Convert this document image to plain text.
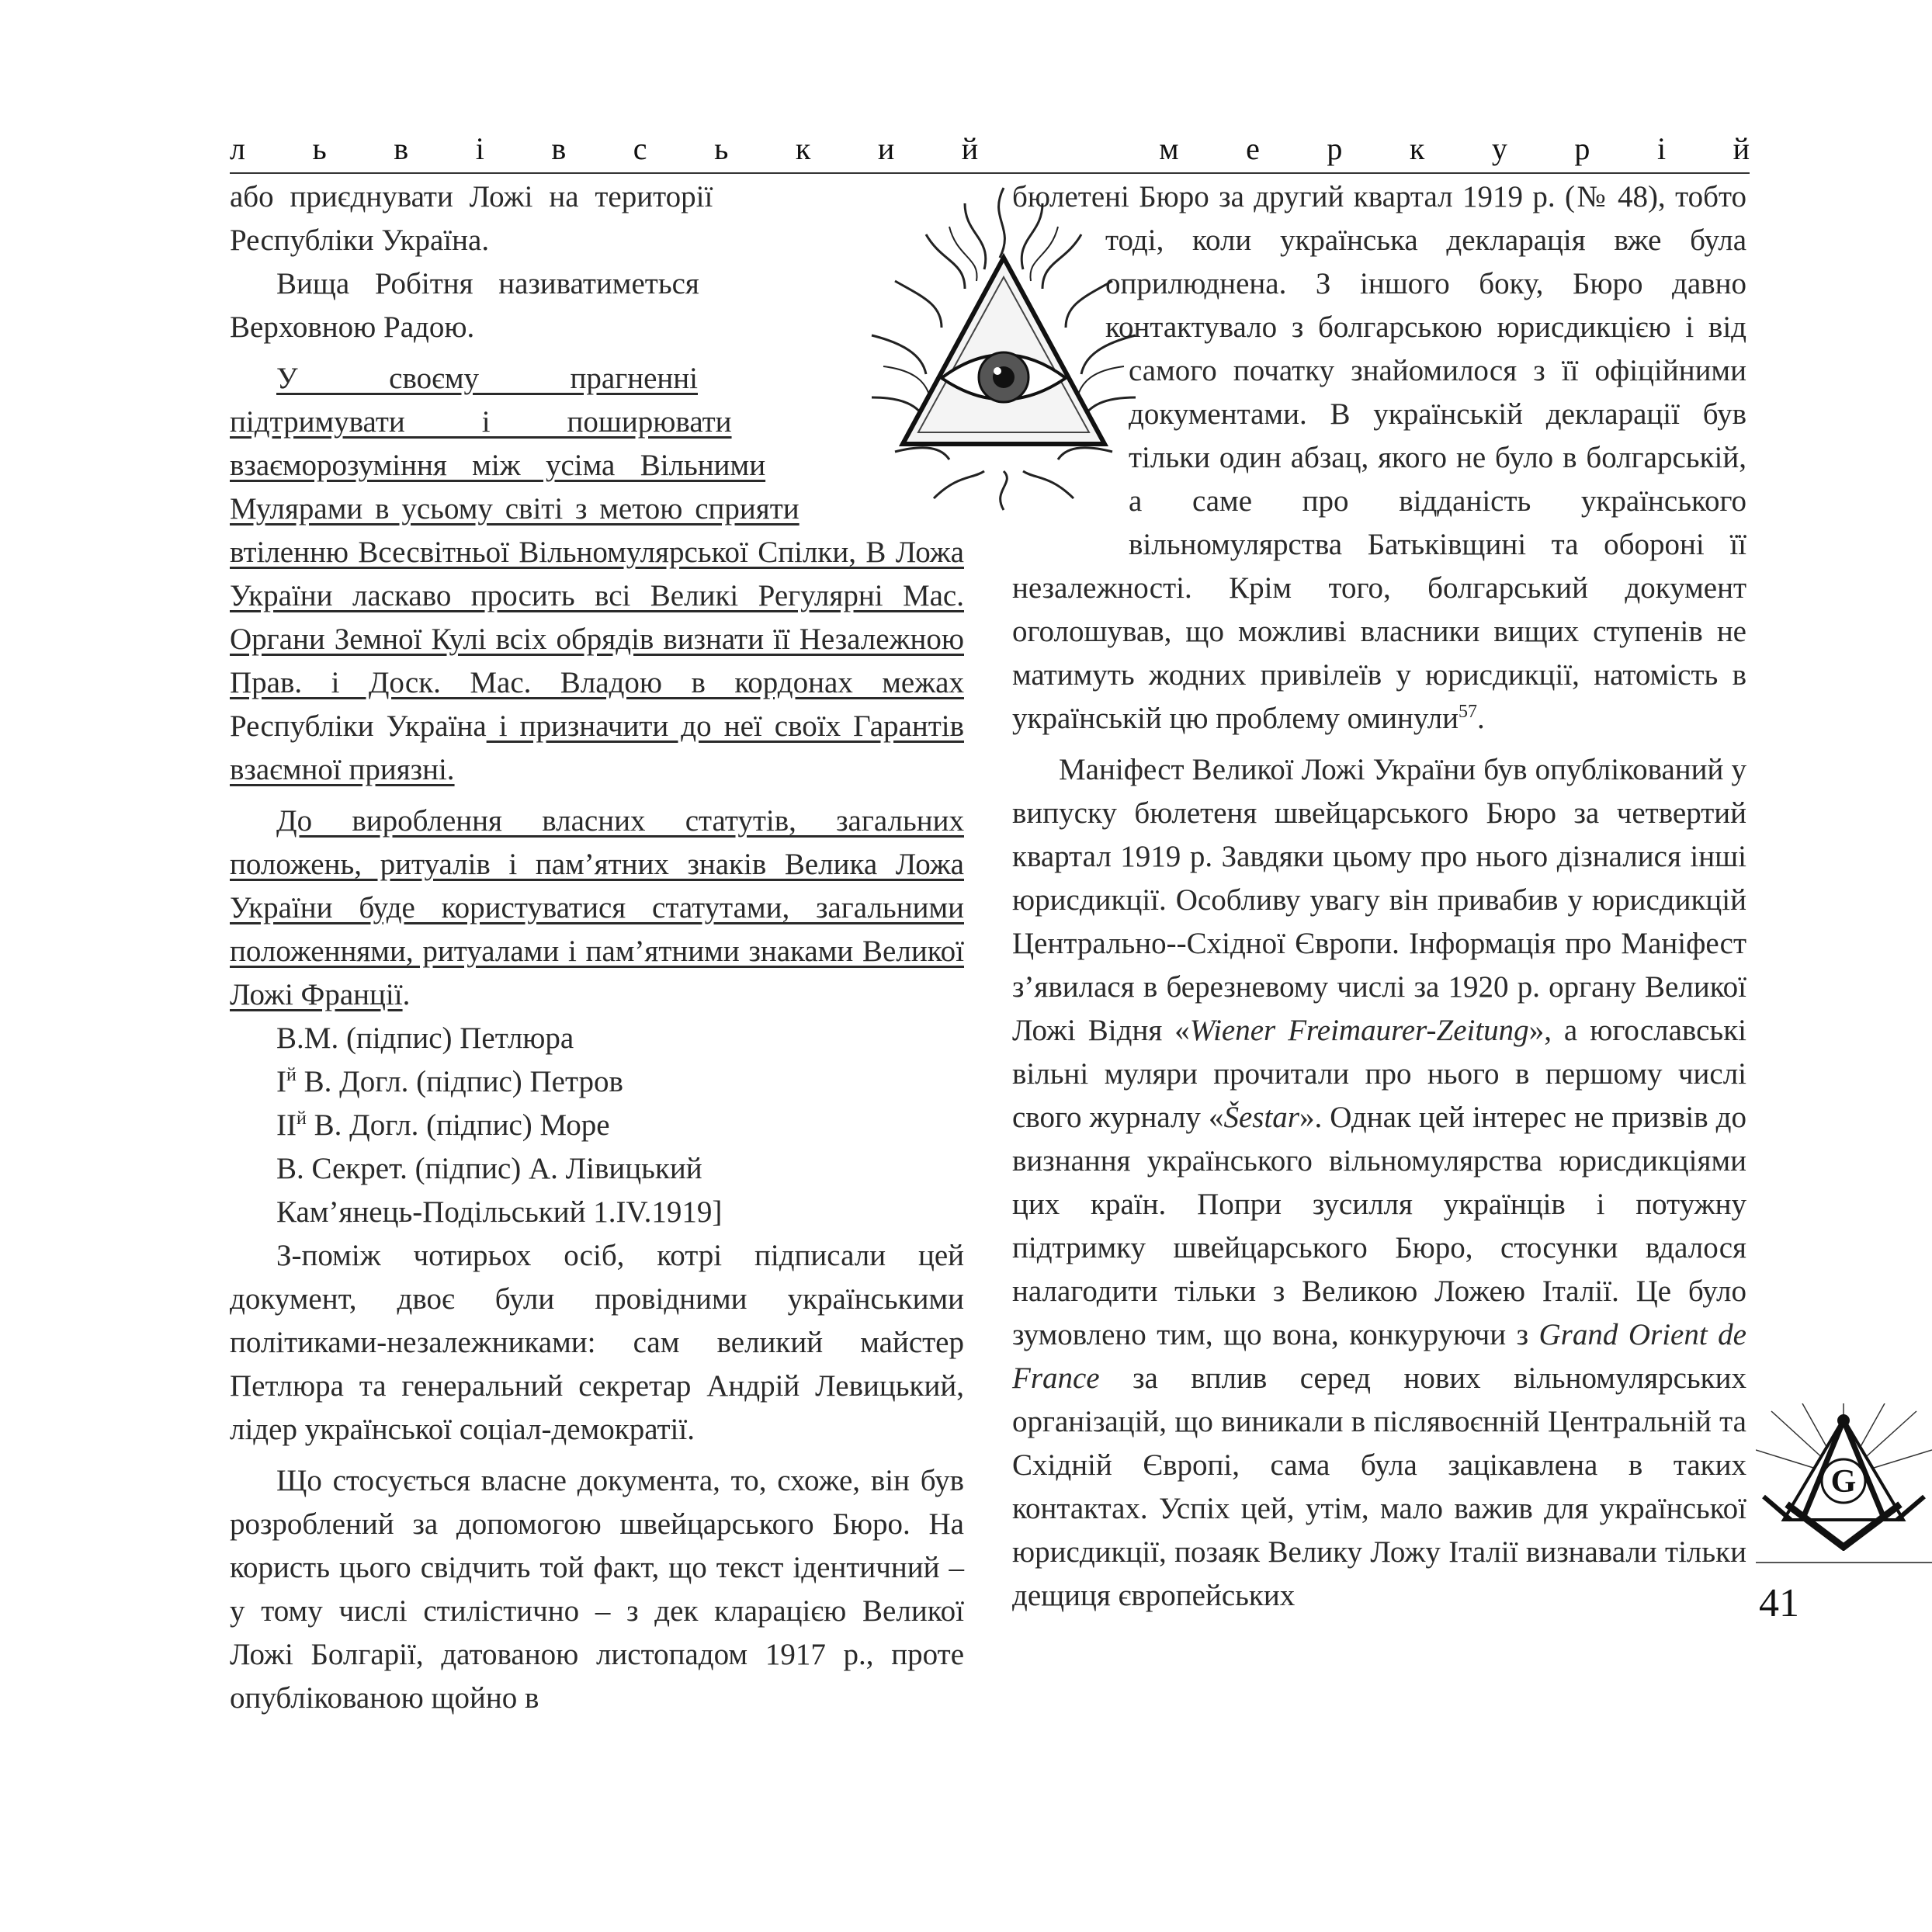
л ь в і в с ь к и й	м е р к у р і й

або приєднувати Ложі на території Республіки Україна.

Вища Робітня називатиметься Верховною Радою.

У своєму прагненні підтримувати і поширювати взаєморозуміння між усіма Вільними Мулярами в усьому світі з метою сприяти втіленню Всесвітньої Вільномулярської Спілки, В Ложа України ласкаво просить всі Великі Регулярні Мас. Органи Земної Кулі всіх обрядів визнати її Незалежною Прав. і Доск. Мас. Владою в кордонах межах Республіки Україна і призначити до неї своїх Гарантів взаємної приязні.

До вироблення власних статутів, загальних положень, ритуалів і пам’ятних знаків Велика Ложа України буде користуватися статутами, загальними положеннями, ритуалами і пам’ятними знаками Великої Ложі Франції.

В.М. (підпис) Петлюра

$І^й$ В. Догл. (підпис) Петров

$ІІ^й$ В. Догл. (підпис) Море

В. Секрет. (підпис) А. Лівицький

Кам’янець-Подільський 1.IV.1919]

З-поміж чотирьох осіб, котрі підписали цей документ, двоє були провідними українськими політиками-незалежниками: сам великий майстер Петлюра та генеральний секретар Андрій Левицький, лідер української соціал-демократії.

Що стосується власне документа, то, схоже, він був розроблений за допомогою швейцарського Бюро. На користь цього свідчить той факт, що текст ідентичний – у тому числі стилістично – з дек кларацією Великої Ложі Болгарії, датованою листопадом 1917 р., проте опублікованою щойно в

бюлетені Бюро за другий квартал 1919 р. (№ 48), тобто тоді, коли українська декларація вже була оприлюднена. З іншого боку, Бюро давно контактувало з болгарською юрисдикцією і від самого початку знайомилося з її офіційними документами. В українській декларації був тільки один абзац, якого не було в болгарській, а саме про відданість українського вільномулярства Батьківщині та обороні її незалежності. Крім того, болгарський документ оголошував, що можливі власники вищих ступенів не матимуть жодних привілеїв у юрисдикції, натомість в українській цю проблему оминули$^{57}$.

Маніфест Великої Ложі України був опублікований у випуску бюлетеня швейцарського Бюро за четвертий квартал 1919 р. Завдяки цьому про нього дізналися інші юрисдикції. Особливу увагу він привабив у юрисдикцій Центрально--Східної Європи. Інформація про Маніфест з’явилася в березневому числі за 1920 р. органу Великої Ложі Відня «Wiener Freimaurer-Zeitung», а югославські вільні муляри прочитали про нього в першому числі свого журналу «Šestar». Однак цей інтерес не призвів до визнання українського вільномулярства юрисдикціями цих країн. Попри зусилля українців і потужну підтримку швейцарського Бюро, стосунки вдалося налагодити тільки з Великою Ложею Італії. Це було зумовлено тим, що вона, конкуруючи з Grand Orient de France за вплив серед нових вільномулярських організацій, що виникали в післявоєнній Центральній та Східній Європі, сама була зацікавлена в таких контактах. Успіх цей, утім, мало важив для української юрисдикції, позаяк Велику Ложу Італії визнавали тільки дещиця європейських

G
41
